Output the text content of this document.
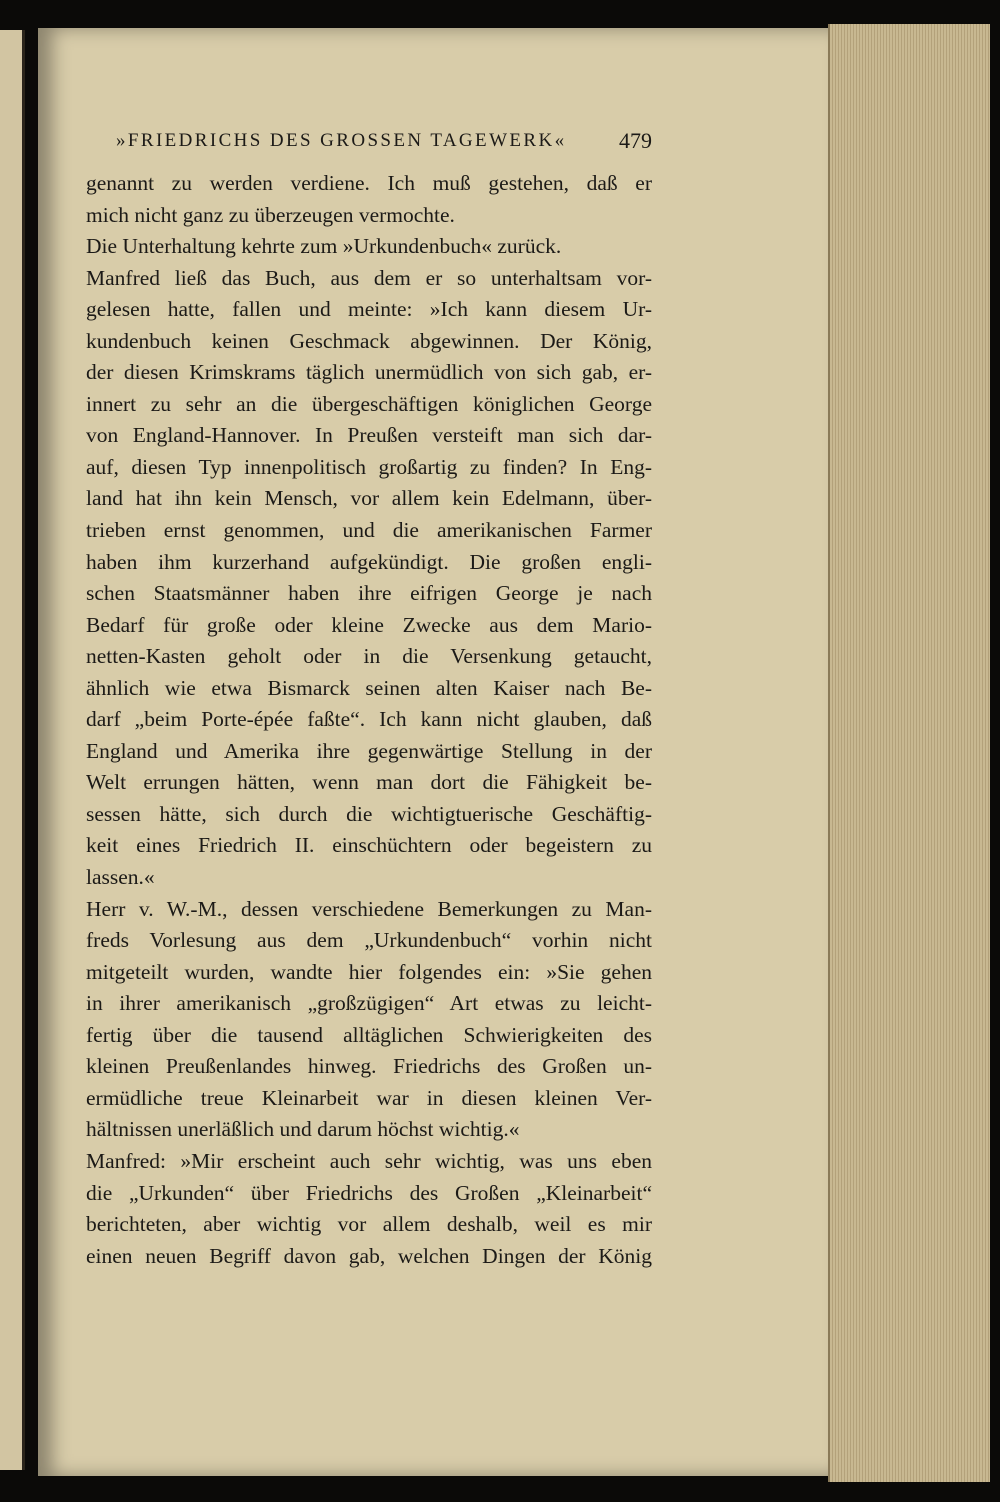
»FRIEDRICHS DES GROSSEN TAGEWERK« 479
genannt zu werden verdiene. Ich muß gestehen, daß er
mich nicht ganz zu überzeugen vermochte.
Die Unterhaltung kehrte zum »Urkundenbuch« zurück.
Manfred ließ das Buch, aus dem er so unterhaltsam vor-
gelesen hatte, fallen und meinte: »Ich kann diesem Ur-
kundenbuch keinen Geschmack abgewinnen. Der König,
der diesen Krimskrams täglich unermüdlich von sich gab, er-
innert zu sehr an die übergeschäftigen königlichen George
von England-Hannover. In Preußen versteift man sich dar-
auf, diesen Typ innenpolitisch großartig zu finden? In Eng-
land hat ihn kein Mensch, vor allem kein Edelmann, über-
trieben ernst genommen, und die amerikanischen Farmer
haben ihm kurzerhand aufgekündigt. Die großen engli-
schen Staatsmänner haben ihre eifrigen George je nach
Bedarf für große oder kleine Zwecke aus dem Mario-
netten-Kasten geholt oder in die Versenkung getaucht,
ähnlich wie etwa Bismarck seinen alten Kaiser nach Be-
darf „beim Porte-épée faßte“. Ich kann nicht glauben, daß
England und Amerika ihre gegenwärtige Stellung in der
Welt errungen hätten, wenn man dort die Fähigkeit be-
sessen hätte, sich durch die wichtigtuerische Geschäftig-
keit eines Friedrich II. einschüchtern oder begeistern zu
lassen.«
Herr v. W.-M., dessen verschiedene Bemerkungen zu Man-
freds Vorlesung aus dem „Urkundenbuch“ vorhin nicht
mitgeteilt wurden, wandte hier folgendes ein: »Sie gehen
in ihrer amerikanisch „großzügigen“ Art etwas zu leicht-
fertig über die tausend alltäglichen Schwierigkeiten des
kleinen Preußenlandes hinweg. Friedrichs des Großen un-
ermüdliche treue Kleinarbeit war in diesen kleinen Ver-
hältnissen unerläßlich und darum höchst wichtig.«
Manfred: »Mir erscheint auch sehr wichtig, was uns eben
die „Urkunden“ über Friedrichs des Großen „Kleinarbeit“
berichteten, aber wichtig vor allem deshalb, weil es mir
einen neuen Begriff davon gab, welchen Dingen der König
